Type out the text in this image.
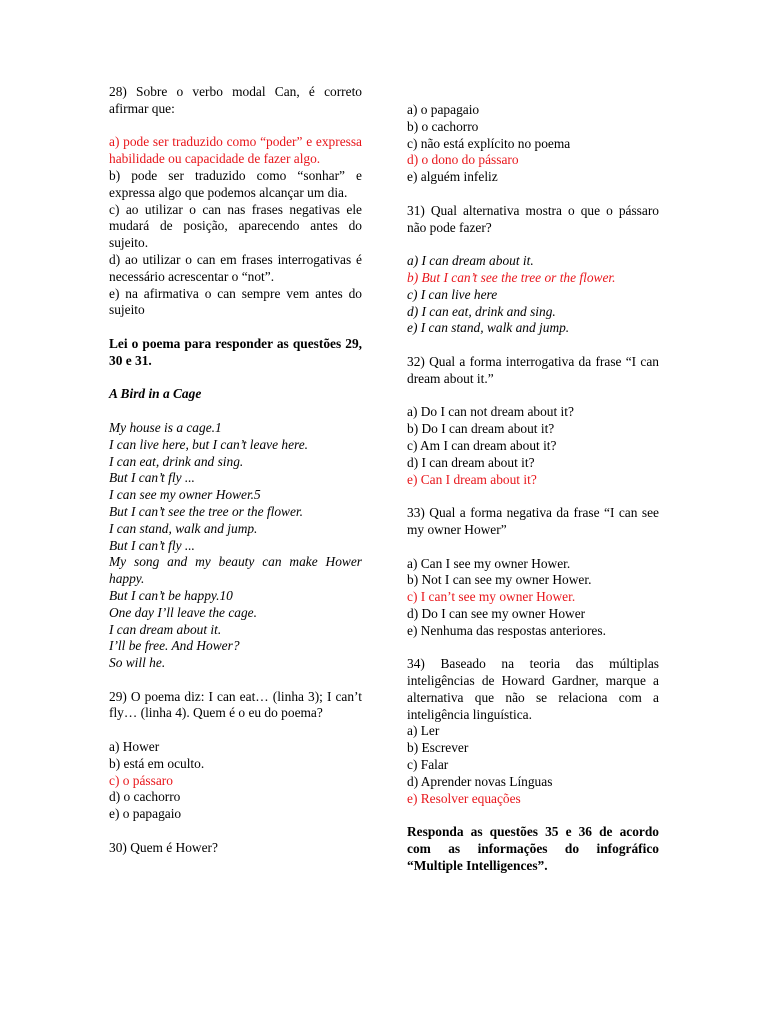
28) Sobre o verbo modal Can, é correto afirmar que:

a) pode ser traduzido como “poder” e expressa habilidade ou capacidade de fazer algo.

b) pode ser traduzido como “sonhar” e expressa algo que podemos alcançar um dia.

c) ao utilizar o can nas frases negativas ele mudará de posição, aparecendo antes do sujeito.

d) ao utilizar o can em frases interrogativas é necessário acrescentar o “not”.

e) na afirmativa o can sempre vem antes do sujeito

Lei o poema para responder as questões 29, 30 e 31.

A Bird in a Cage

My house is a cage.1

I can live here, but I can’t leave here.

I can eat, drink and sing.

But I can’t fly ...

I can see my owner Hower.5

But I can’t see the tree or the flower.

I can stand, walk and jump.

But I can’t fly ...

My song and my beauty can make Hower happy.

But I can’t be happy.10

One day I’ll leave the cage.

I can dream about it.

I’ll be free. And Hower?

So will he.

29) O poema diz: I can eat… (linha 3); I can’t fly… (linha 4). Quem é o eu do poema?

a) Hower

b) está em oculto.

c) o pássaro

d) o cachorro

e) o papagaio

30) Quem é Hower?

a) o papagaio

b) o cachorro

c) não está explícito no poema

d) o dono do pássaro

e) alguém infeliz

31) Qual alternativa mostra o que o pássaro não pode fazer?

a) I can dream about it.

b) But I can’t see the tree or the flower.

c) I can live here

d) I can eat, drink and sing.

e) I can stand, walk and jump.

32) Qual a forma interrogativa da frase “I can dream about it.”

a) Do I can not dream about it?

b) Do I can dream about it?

c) Am I can dream about it?

d) I can dream about it?

e) Can I dream about it?

33) Qual a forma negativa da frase “I can see my owner Hower”

a) Can I see my owner Hower.

b) Not I can see my owner Hower.

c) I can’t see my owner Hower.

d) Do I can see my owner Hower

e) Nenhuma das respostas anteriores.

34) Baseado na teoria das múltiplas inteligências de Howard Gardner, marque a alternativa que não se relaciona com a inteligência linguística.

a) Ler

b) Escrever

c) Falar

d) Aprender novas Línguas

e) Resolver equações

Responda as questões 35 e 36 de acordo com as informações do infográfico “Multiple Intelligences”.
